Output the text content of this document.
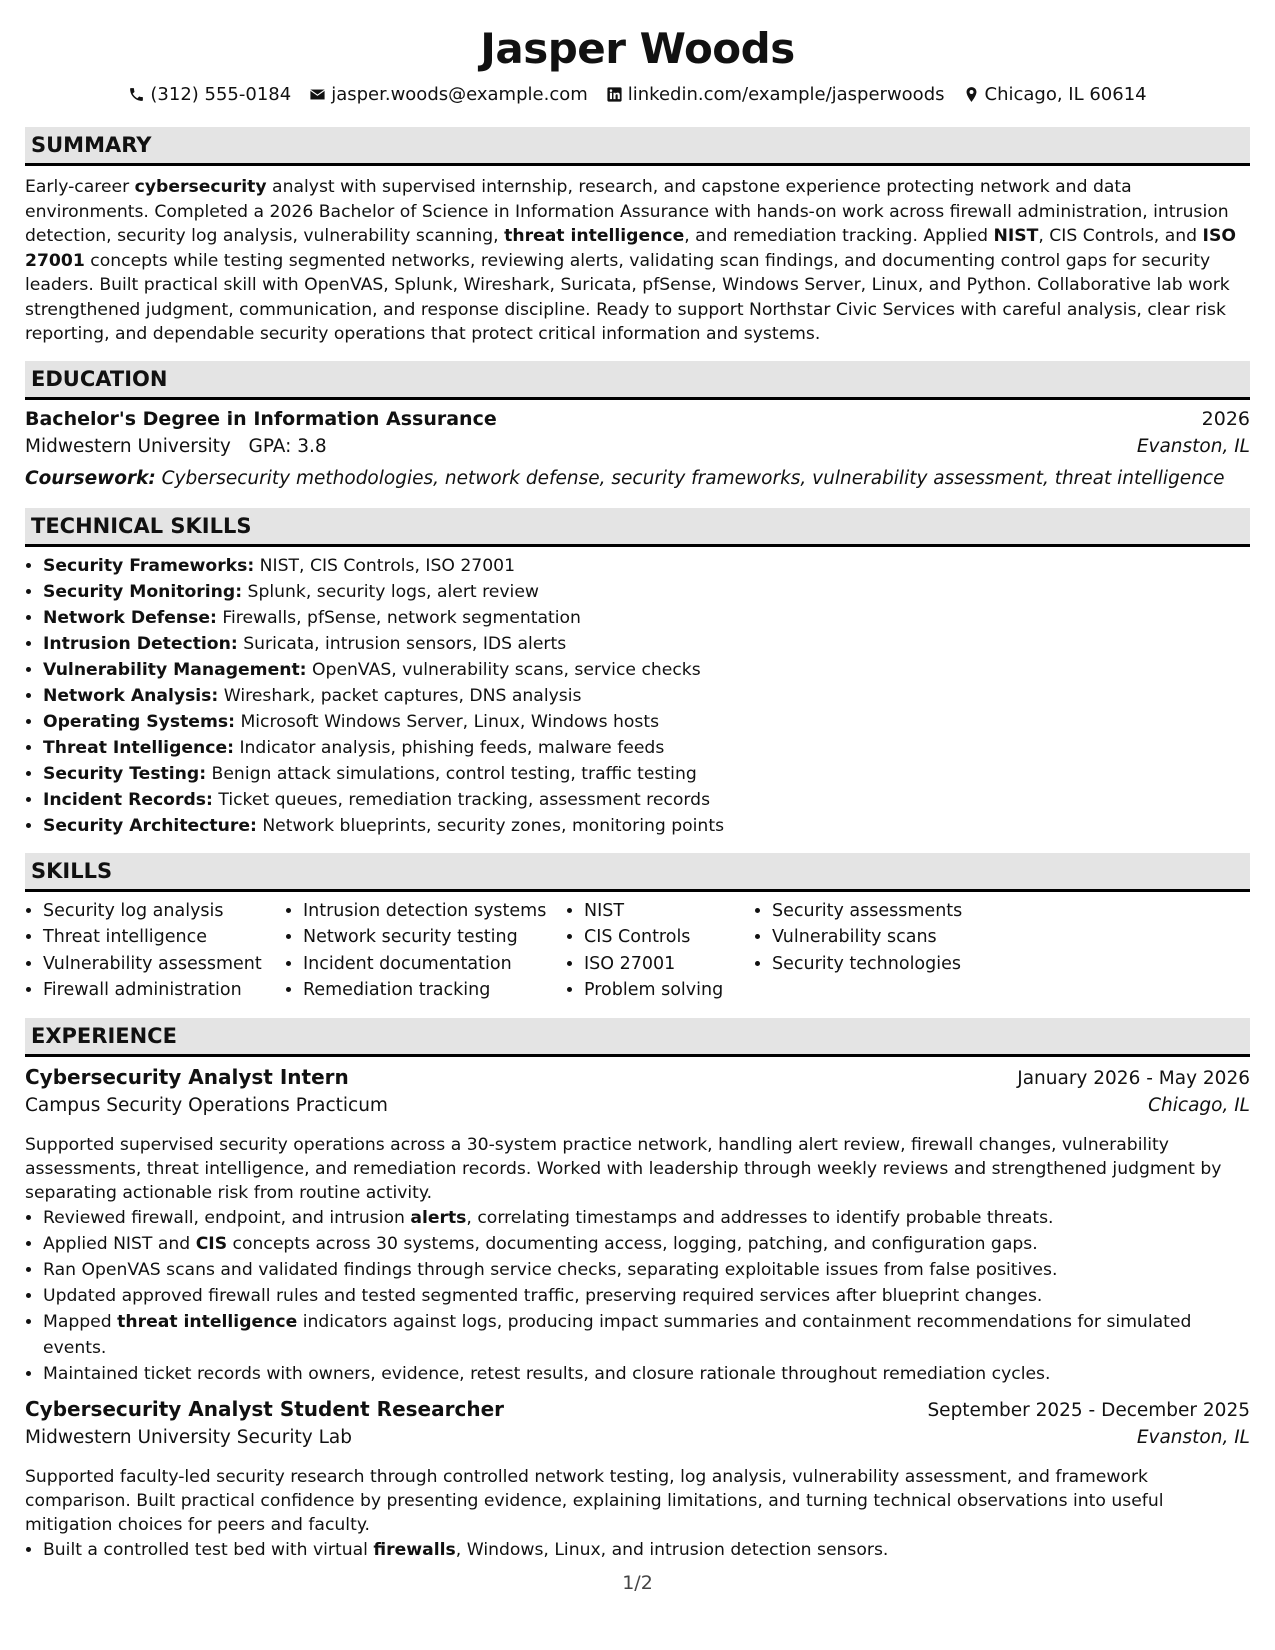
Jasper Woods
(312) 555-0184 jasper.woods@example.com linkedin.com/example/jasperwoods Chicago, IL 60614
SUMMARY
Early-career cybersecurity analyst with supervised internship, research, and capstone experience protecting network and data environments. Completed a 2026 Bachelor of Science in Information Assurance with hands-on work across firewall administration, intrusion detection, security log analysis, vulnerability scanning, threat intelligence, and remediation tracking. Applied NIST, CIS Controls, and ISO 27001 concepts while testing segmented networks, reviewing alerts, validating scan findings, and documenting control gaps for security leaders. Built practical skill with OpenVAS, Splunk, Wireshark, Suricata, pfSense, Windows Server, Linux, and Python. Collaborative lab work strengthened judgment, communication, and response discipline. Ready to support Northstar Civic Services with careful analysis, clear risk reporting, and dependable security operations that protect critical information and systems.
EDUCATION
Bachelor's Degree in Information Assurance	2026
Midwestern University GPA: 3.8	Evanston, IL
Coursework: Cybersecurity methodologies, network defense, security frameworks, vulnerability assessment, threat intelligence
TECHNICAL SKILLS
• Security Frameworks: NIST, CIS Controls, ISO 27001
• Security Monitoring: Splunk, security logs, alert review
• Network Defense: Firewalls, pfSense, network segmentation
• Intrusion Detection: Suricata, intrusion sensors, IDS alerts
• Vulnerability Management: OpenVAS, vulnerability scans, service checks
• Network Analysis: Wireshark, packet captures, DNS analysis
• Operating Systems: Microsoft Windows Server, Linux, Windows hosts
• Threat Intelligence: Indicator analysis, phishing feeds, malware feeds
• Security Testing: Benign attack simulations, control testing, traffic testing
• Incident Records: Ticket queues, remediation tracking, assessment records
• Security Architecture: Network blueprints, security zones, monitoring points
SKILLS
• Security log analysis
• Threat intelligence
• Vulnerability assessment
• Firewall administration
• Intrusion detection systems
• Network security testing
• Incident documentation
• Remediation tracking
• NIST
• CIS Controls
• ISO 27001
• Problem solving
• Security assessments
• Vulnerability scans
• Security technologies
EXPERIENCE
Cybersecurity Analyst Intern	January 2026 - May 2026
Campus Security Operations Practicum	Chicago, IL
Supported supervised security operations across a 30-system practice network, handling alert review, firewall changes, vulnerability assessments, threat intelligence, and remediation records. Worked with leadership through weekly reviews and strengthened judgment by separating actionable risk from routine activity.
• Reviewed firewall, endpoint, and intrusion alerts, correlating timestamps and addresses to identify probable threats.
• Applied NIST and CIS concepts across 30 systems, documenting access, logging, patching, and configuration gaps.
• Ran OpenVAS scans and validated findings through service checks, separating exploitable issues from false positives.
• Updated approved firewall rules and tested segmented traffic, preserving required services after blueprint changes.
• Mapped threat intelligence indicators against logs, producing impact summaries and containment recommendations for simulated events.
• Maintained ticket records with owners, evidence, retest results, and closure rationale throughout remediation cycles.
Cybersecurity Analyst Student Researcher	September 2025 - December 2025
Midwestern University Security Lab	Evanston, IL
Supported faculty-led security research through controlled network testing, log analysis, vulnerability assessment, and framework comparison. Built practical confidence by presenting evidence, explaining limitations, and turning technical observations into useful mitigation choices for peers and faculty.
• Built a controlled test bed with virtual firewalls, Windows, Linux, and intrusion detection sensors.
1/2
